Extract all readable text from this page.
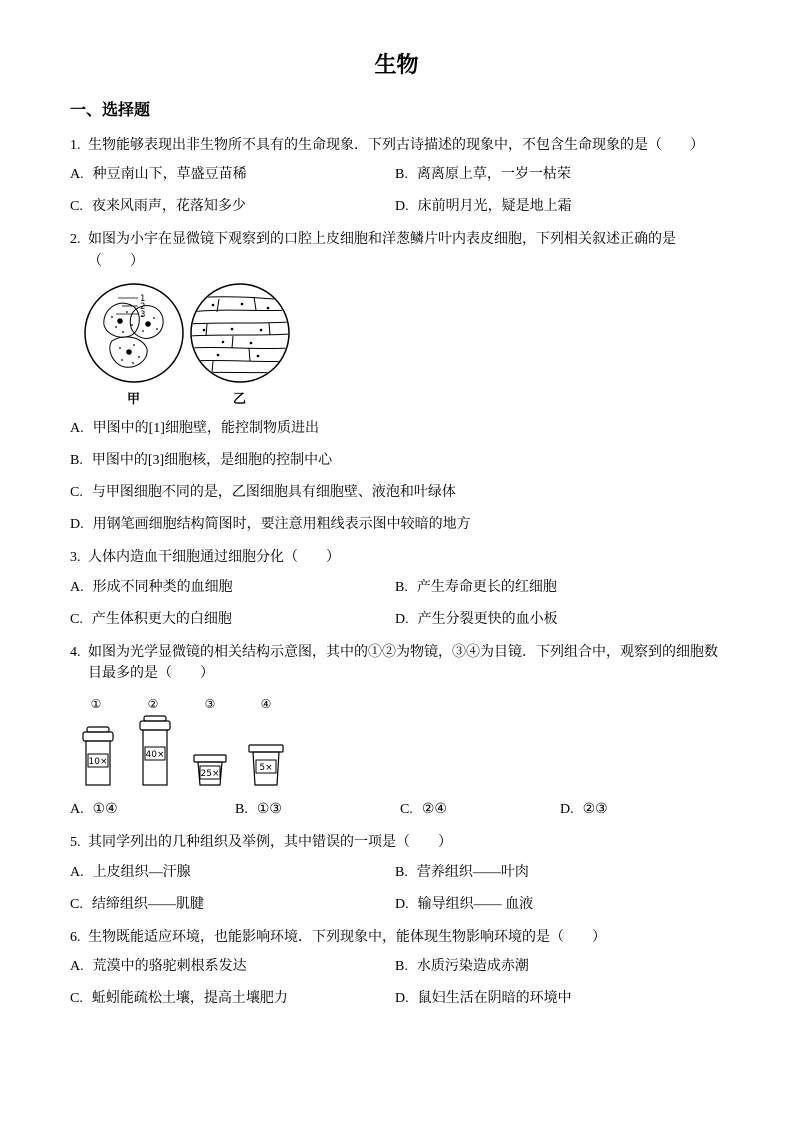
生物
一、选择题
1. 生物能够表现出非生物所不具有的生命现象．下列古诗描述的现象中，不包含生命现象的是（　　）
A. 种豆南山下，草盛豆苗稀	B. 离离原上草，一岁一枯荣
C. 夜来风雨声，花落知多少	D. 床前明月光，疑是地上霜
2. 如图为小宇在显微镜下观察到的口腔上皮细胞和洋葱鳞片叶内表皮细胞，下列相关叙述正确的是（　　）
1
2
3
甲	乙
A. 甲图中的[1]细胞壁，能控制物质进出
B. 甲图中的[3]细胞核，是细胞的控制中心
C. 与甲图细胞不同的是，乙图细胞具有细胞壁、液泡和叶绿体
D. 用钢笔画细胞结构简图时，要注意用粗线表示图中较暗的地方
3. 人体内造血干细胞通过细胞分化（　　）
A. 形成不同种类的血细胞	B. 产生寿命更长的红细胞
C. 产生体积更大的白细胞	D. 产生分裂更快的血小板
4. 如图为光学显微镜的相关结构示意图，其中的①②为物镜，③④为目镜．下列组合中，观察到的细胞数目最多的是（　　）
①	②	③	④
10×
40×
25×
5×
A. ①④	B. ①③	C. ②④	D. ②③
5. 其同学列出的几种组织及举例，其中错误的一项是（　　）
A. 上皮组织—汗腺	B. 营养组织——叶肉
C. 结缔组织——肌腱	D. 输导组织—— 血液
6. 生物既能适应环境，也能影响环境．下列现象中，能体现生物影响环境的是（　　）
A. 荒漠中的骆驼刺根系发达	B. 水质污染造成赤潮
C. 蚯蚓能疏松土壤，提高土壤肥力	D. 鼠妇生活在阴暗的环境中
